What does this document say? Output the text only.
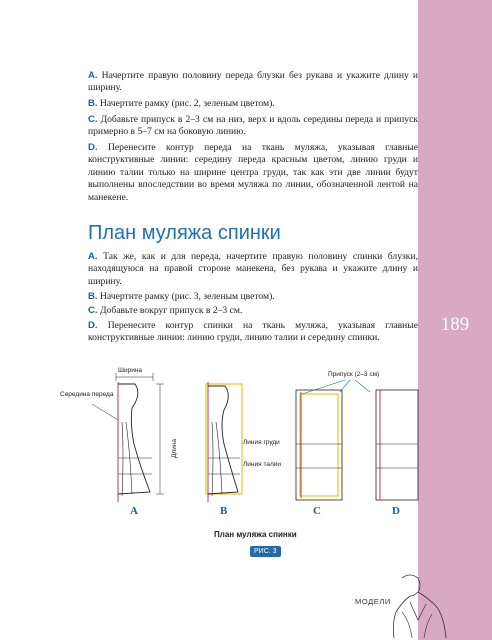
189

A. Начертите правую половину переда блузки без рукава и укажите длину и ширину.

B. Начертите рамку (рис. 2, зеленым цветом).

C. Добавьте припуск в 2–3 см на низ, верх и вдоль середины переда и припуск примерно в 5–7 см на боковую линию.

D. Перенесите контур переда на ткань муляжа, указывая главные конструктивные линии: середину переда красным цветом, линию груди и линию талии только на ширине центра груди, так как эти две линии будут выполнены впоследствии во время муляжа по линии, обозначенной лентой на манекене.

План муляжа спинки

A. Так же, как и для переда, начертите правую половину спинки блузки, находящуюся на правой стороне манекена, без рукава и укажите длину и ширину.

B. Начертите рамку (рис. 3, зеленым цветом).

C. Добавьте вокруг припуск в 2–3 см.

D. Перенесите контур спинки на ткань муляжа, указывая главные конструктивные линии: линию груди, линию талии и середину спинки.

Ширина
Середина переда
Длина
A	B
Линия груди
Линия талии
C
Припуск (2–3 см)
D
План муляжа спинки
РИС. 3
МОДЕЛИ
